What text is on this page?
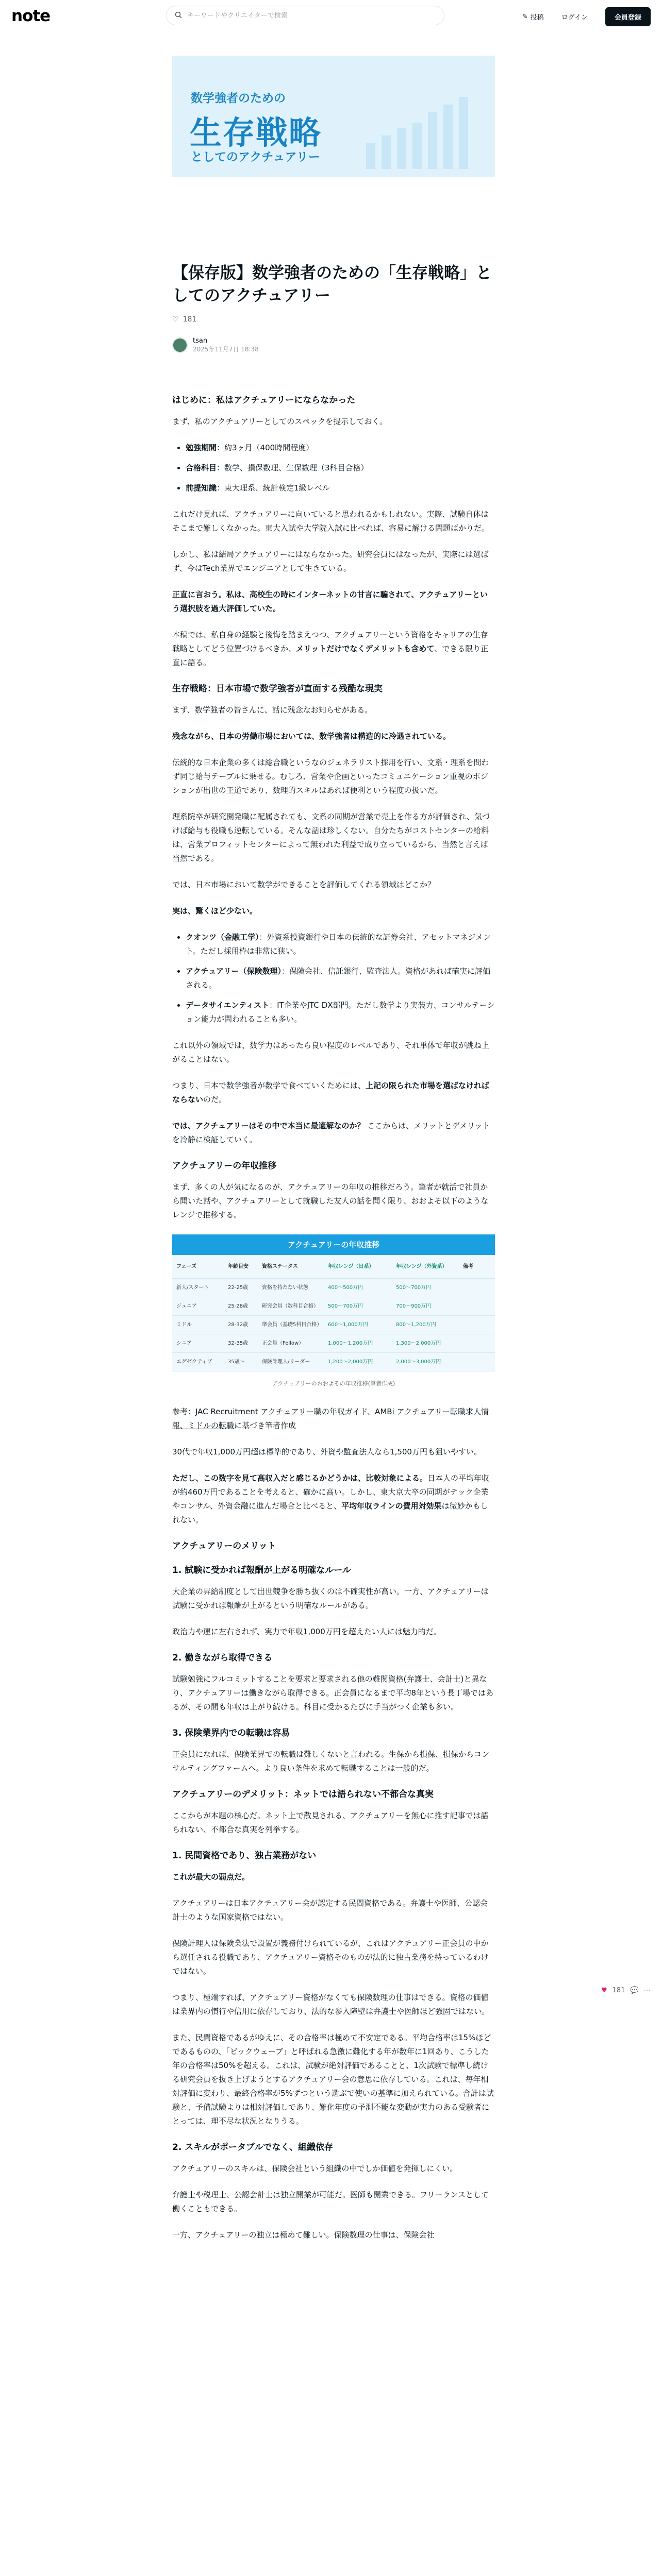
note
キーワードやクリエイターで検索	✎ 投稿	ログイン	会員登録
数学強者のための
生存戦略
としてのアクチュアリー
【保存版】数学強者のための「生存戦略」としてのアクチュアリー
♡ 181
tsan
2025年11月7日 18:38
はじめに：私はアクチュアリーにならなかった

まず、私のアクチュアリーとしてのスペックを提示しておく。

• 勉強期間：約3ヶ月（400時間程度）
• 合格科目：数学、損保数理、生保数理（3科目合格）
• 前提知識：東大理系、統計検定1級レベル

これだけ見れば、アクチュアリーに向いていると思われるかもしれない。実際、試験自体はそこまで難しくなかった。東大入試や大学院入試に比べれば、容易に解ける問題ばかりだ。

しかし、私は結局アクチュアリーにはならなかった。研究会員にはなったが、実際には選ばず、今はTech業界でエンジニアとして生きている。

正直に言おう。私は、高校生の時にインターネットの甘言に騙されて、アクチュアリーという選択肢を過大評価していた。

本稿では、私自身の経験と後悔を踏まえつつ、アクチュアリーという資格をキャリアの生存戦略としてどう位置づけるべきか、メリットだけでなくデメリットも含めて、できる限り正直に語る。

生存戦略：日本市場で数学強者が直面する残酷な現実

まず、数学強者の皆さんに、話に残念なお知らせがある。

残念ながら、日本の労働市場においては、数学強者は構造的に冷遇されている。

伝統的な日本企業の多くは総合職というなのジェネラリスト採用を行い、文系・理系を問わず同じ給与テーブルに乗せる。むしろ、営業や企画といったコミュニケーション重視のポジションが出世の王道であり、数理的スキルはあれば便利という程度の扱いだ。

理系院卒が研究開発職に配属されても、文系の同期が営業で売上を作る方が評価され、気づけば給与も役職も逆転している。そんな話は珍しくない。自分たちがコストセンターの給料は、営業プロフィットセンターによって無われた利益で成り立っているから、当然と言えば当然である。

では、日本市場において数学ができることを評価してくれる領域はどこか？

実は、驚くほど少ない。

• クオンツ（金融工学）：外資系投資銀行や日本の伝統的な証券会社、アセットマネジメント。ただし採用枠は非常に狭い。
• アクチュアリー（保険数理）：保険会社、信託銀行、監査法人。資格があれば確実に評価される。
• データサイエンティスト：IT企業やJTC DX部門。ただし数学より実装力、コンサルテーション能力が問われることも多い。

これ以外の領域では、数学力はあったら良い程度のレベルであり、それ単体で年収が跳ね上がることはない。

つまり、日本で数学強者が数学で食べていくためには、上記の限られた市場を選ばなければならないのだ。

では、アクチュアリーはその中で本当に最適解なのか？ ここからは、メリットとデメリットを冷静に検証していく。

アクチュアリーの年収推移

まず、多くの人が気になるのが、アクチュアリーの年収の推移だろう。筆者が就活で社員から聞いた話や、アクチュアリーとして就職した友人の話を聞く限り、おおよそ以下のようなレンジで推移する。

アクチュアリーの年収推移
フェーズ	年齢目安	資格ステータス	年収レンジ（日系）	年収レンジ（外資系）	備考
新人/スタート	22-25歳	資格を持たない状態	400〜500万円	500〜700万円
ジュニア	25-28歳	研究会員（数科目合格）	500〜700万円	700〜900万円
ミドル	28-32歳	準会員（基礎5科目合格）	600〜1,000万円	800〜1,200万円
シニア	32-35歳	正会員（Fellow）	1,000〜1,200万円	1,300〜2,000万円
エグゼクティブ	35歳〜	保険計理人/リーダー	1,200〜2,000万円	2,000〜3,000万円
アクチュアリーのおおよその年収推移(筆者作成)

参考：JAC Recruitment アクチュアリー職の年収ガイド、AMBi アクチュアリー転職求人情報、ミドルの転職に基づき筆者作成

30代で年収1,000万円超は標準的であり、外資や監査法人なら1,500万円も狙いやすい。

ただし、この数字を見て高収入だと感じるかどうかは、比較対象による。日本人の平均年収が約460万円であることを考えると、確かに高い。しかし、東大京大卒の同期がテック企業やコンサル、外資金融に進んだ場合と比べると、平均年収ラインの費用対効果は微妙かもしれない。

アクチュアリーのメリット
1. 試験に受かれば報酬が上がる明確なルール

大企業の昇給制度として出世競争を勝ち抜くのは不確実性が高い。一方、アクチュアリーは試験に受かれば報酬が上がるという明確なルールがある。

政治力や運に左右されず、実力で年収1,000万円を超えたい人には魅力的だ。

2. 働きながら取得できる

試験勉強にフルコミットすることを要求と要求される他の難関資格(弁護士、会計士)と異なり、アクチュアリーは働きながら取得できる。正会員になるまで平均8年という長丁場ではあるが、その間も年収は上がり続ける。科目に受かるたびに手当がつく企業も多い。

3. 保険業界内での転職は容易

正会員になれば、保険業界での転職は難しくないと言われる。生保から損保、損保からコンサルティングファームへ。より良い条件を求めて転職することは一般的だ。

アクチュアリーのデメリット：ネットでは語られない不都合な真実

ここからが本題の核心だ。ネット上で散見される、アクチュアリーを無心に推す記事では語られない、不都合な真実を列挙する。

1. 民間資格であり、独占業務がない

これが最大の弱点だ。

アクチュアリーは日本アクチュアリー会が認定する民間資格である。弁護士や医師、公認会計士のような国家資格ではない。

保険計理人は保険業法で設置が義務付けられているが、これはアクチュアリー正会員の中から選任される役職であり、アクチュアリー資格そのものが法的に独占業務を持っているわけではない。

つまり、極端すれば、アクチュアリー資格がなくても保険数理の仕事はできる。資格の価値は業界内の慣行や信用に依存しており、法的な参入障壁は弁護士や医師ほど強固ではない。

また、民間資格であるがゆえに、その合格率は極めて不安定である。平均合格率は15%ほどであるものの、「ビックウェーブ」と呼ばれる急激に難化する年が数年に1回あり、こうした年の合格率は50%を超える。これは、試験が絶対評価であることと、1次試験で標準し続ける研究会員を抜き上げようとするアクチュアリー会の意思に依存している。これは、毎年相対評価に変わり、最終合格率が5%ずつという選ぶで使いの基準に加えられている。合計は試験と、予備試験よりは相対評価しであり、難化年度の予測不能な変動が実力のある受験者にとっては、理不尽な状況となりうる。

2. スキルがポータブルでなく、組織依存

アクチュアリーのスキルは、保険会社という組織の中でしか価値を発揮しにくい。

弁護士や税理士、公認会計士は独立開業が可能だ。医師も開業できる。フリーランスとして働くこともできる。

一方、アクチュアリーの独立は極めて難しい。保険数理の仕事は、保険会社

♥ 181 💬 ⋯
